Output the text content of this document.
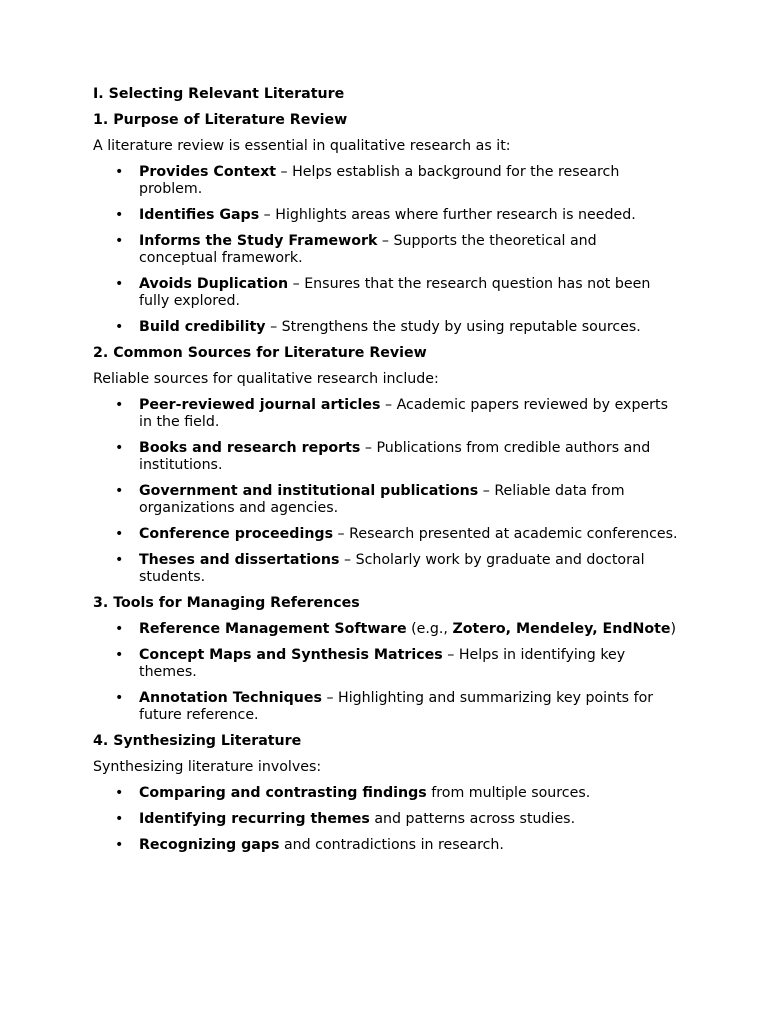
I. Selecting Relevant Literature
1. Purpose of Literature Review
A literature review is essential in qualitative research as it:
• Provides Context – Helps establish a background for the research problem.
• Identifies Gaps – Highlights areas where further research is needed.
• Informs the Study Framework – Supports the theoretical and conceptual framework.
• Avoids Duplication – Ensures that the research question has not been fully explored.
• Build credibility – Strengthens the study by using reputable sources.
2. Common Sources for Literature Review
Reliable sources for qualitative research include:
• Peer-reviewed journal articles – Academic papers reviewed by experts in the field.
• Books and research reports – Publications from credible authors and institutions.
• Government and institutional publications – Reliable data from organizations and agencies.
• Conference proceedings – Research presented at academic conferences.
• Theses and dissertations – Scholarly work by graduate and doctoral students.
3. Tools for Managing References
• Reference Management Software (e.g., Zotero, Mendeley, EndNote)
• Concept Maps and Synthesis Matrices – Helps in identifying key themes.
• Annotation Techniques – Highlighting and summarizing key points for future reference.
4. Synthesizing Literature
Synthesizing literature involves:
• Comparing and contrasting findings from multiple sources.
• Identifying recurring themes and patterns across studies.
• Recognizing gaps and contradictions in research.
